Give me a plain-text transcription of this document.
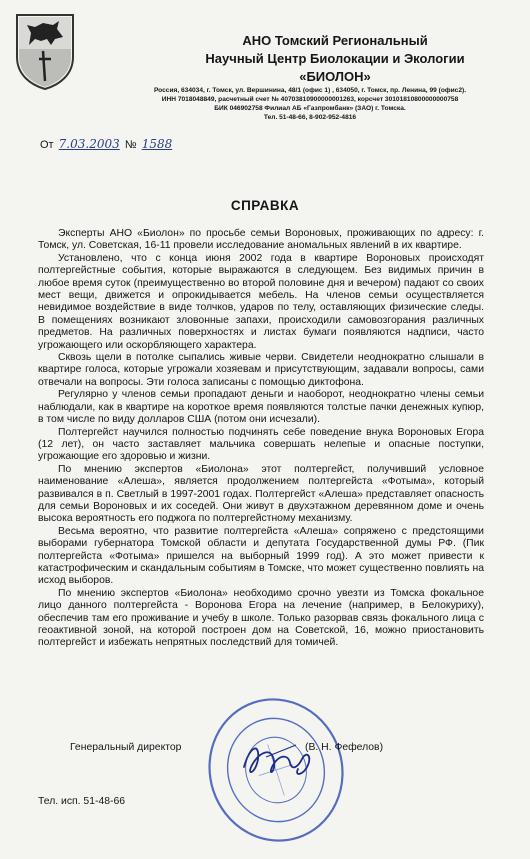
АНО Томский Региональный
Научный Центр Биолокации и Экологии
«БИОЛОН»
Россия, 634034, г. Томск, ул. Вершинина, 48/1 (офис 1) , 634050, г. Томск, пр. Ленина, 99 (офис2).
ИНН 7018048849, расчетный счет № 40703810900000001263, корсчет 30101810800000000758
БИК 046902758 Филиал АБ «Газпромбанк» (ЗАО) г. Томска.
Тел. 51-48-66, 8-902-952-4816
От 7.03.2003 № 1588
СПРАВКА

Эксперты АНО «Биолон» по просьбе семьи Вороновых, проживающих по адресу: г. Томск, ул. Советская, 16-11 провели исследование аномальных явлений в их квартире.

Установлено, что с конца июня 2002 года в квартире Вороновых происходят полтергейстные события, которые выражаются в следующем. Без видимых причин в любое время суток (преимущественно во второй половине дня и вечером) падают со своих мест вещи, движется и опрокидывается мебель. На членов семьи осуществляется невидимое воздействие в виде толчков, ударов по телу, оставляющих физические следы. В помещениях возникают зловонные запахи, происходили самовозгорания различных предметов. На различных поверхностях и листах бумаги появляются надписи, часто угрожающего или оскорбляющего характера.

Сквозь щели в потолке сыпались живые черви. Свидетели неоднократно слышали в квартире голоса, которые угрожали хозяевам и присутствующим, задавали вопросы, сами отвечали на вопросы. Эти голоса записаны с помощью диктофона.

Регулярно у членов семьи пропадают деньги и наоборот, неоднократно члены семьи наблюдали, как в квартире на короткое время появляются толстые пачки денежных купюр, в том числе по виду долларов США (потом они исчезали).

Полтергейст научился полностью подчинять себе поведение внука Вороновых Егора (12 лет), он часто заставляет мальчика совершать нелепые и опасные поступки, угрожающие его здоровью и жизни.

По мнению экспертов «Биолона» этот полтергейст, получивший условное наименование «Алеша», является продолжением полтергейста «Фотыма», который развивался в п. Светлый в 1997-2001 годах. Полтергейст «Алеша» представляет опасность для семьи Вороновых и их соседей. Они живут в двухэтажном деревянном доме и очень высока вероятность его поджога по полтергейстному механизму.

Весьма вероятно, что развитие полтергейста «Алеша» сопряжено с предстоящими выборами губернатора Томской области и депутата Государственной думы РФ. (Пик полтергейста «Фотыма» пришелся на выборный 1999 год). А это может привести к катастрофическим и скандальным событиям в Томске, что может существенно повлиять на исход выборов.

По мнению экспертов «Биолона» необходимо срочно увезти из Томска фокальное лицо данного полтергейста - Воронова Егора на лечение (например, в Белокуриху), обеспечив там его проживание и учебу в школе. Только разорвав связь фокального лица с геоактивной зоной, на которой построен дом на Советской, 16, можно приостановить полтергейст и избежать непрятных последствий для томичей.

Генеральный директор	(В. Н. Фефелов)
Тел. исп. 51-48-66
